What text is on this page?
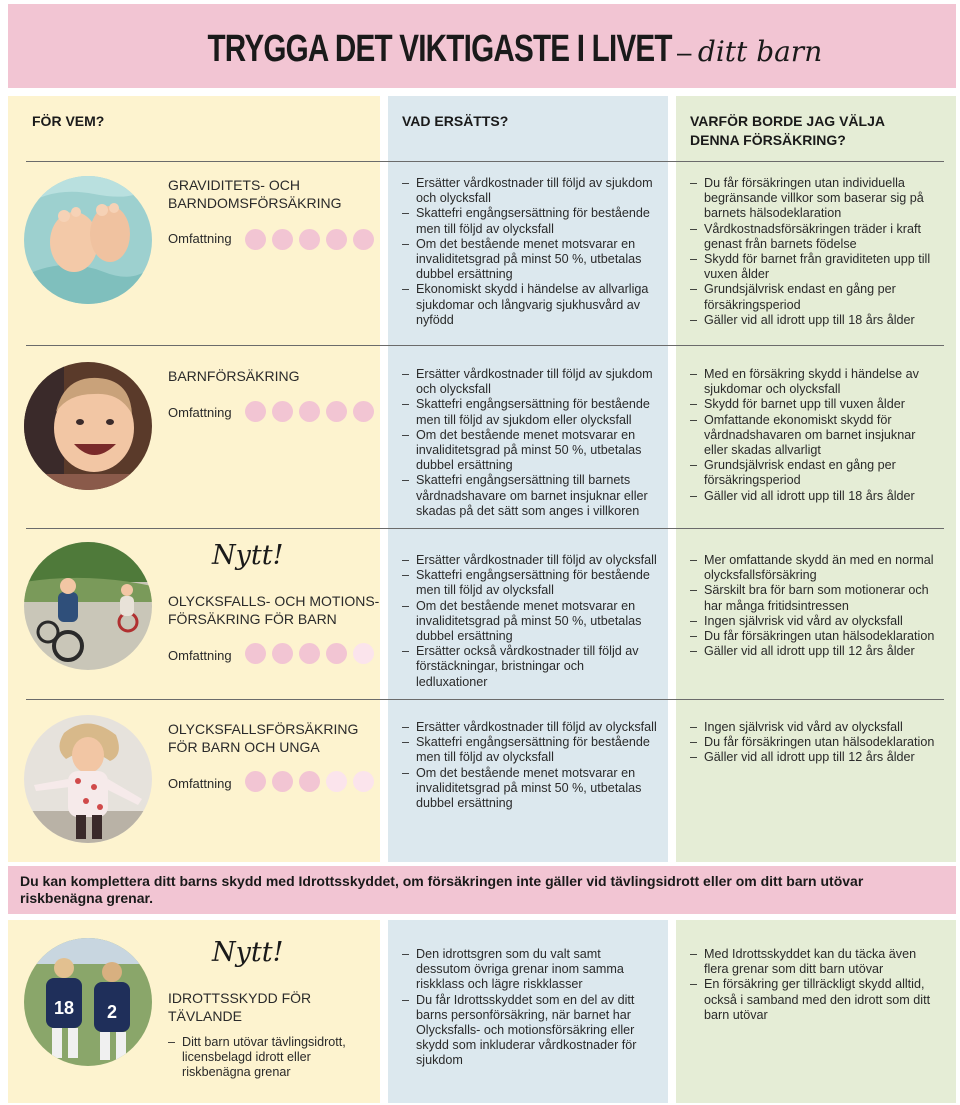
TRYGGA DET VIKTIGASTE I LIVET – ditt barn
FÖR VEM?	VAD ERSÄTTS?	VARFÖR BORDE JAG VÄLJA DENNA FÖRSÄKRING?
GRAVIDITETS- OCH BARNDOMSFÖRSÄKRING
Omfattning
– Ersätter vårdkostnader till följd av sjukdom och olycksfall
– Skattefri engångsersättning för bestående men till följd av olycksfall
– Om det bestående menet motsvarar en invaliditetsgrad på minst 50 %, utbetalas dubbel ersättning
– Ekonomiskt skydd i händelse av allvarliga sjukdomar och långvarig sjukhusvård av nyfödd
– Du får försäkringen utan individuella begränsande villkor som baserar sig på barnets hälsodeklaration
– Vårdkostnadsförsäkringen träder i kraft genast från barnets födelse
– Skydd för barnet från graviditeten upp till vuxen ålder
– Grundsjälvrisk endast en gång per försäkringsperiod
– Gäller vid all idrott upp till 18 års ålder
BARNFÖRSÄKRING
Omfattning
– Ersätter vårdkostnader till följd av sjukdom och olycksfall
– Skattefri engångsersättning för bestående men till följd av sjukdom eller olycksfall
– Om det bestående menet motsvarar en invaliditetsgrad på minst 50 %, utbetalas dubbel ersättning
– Skattefri engångsersättning till barnets vårdnadshavare om barnet insjuknar eller skadas på det sätt som anges i villkoren
– Med en försäkring skydd i händelse av sjukdomar och olycksfall
– Skydd för barnet upp till vuxen ålder
– Omfattande ekonomiskt skydd för vårdnadshavaren om barnet insjuknar eller skadas allvarligt
– Grundsjälvrisk endast en gång per försäkringsperiod
– Gäller vid all idrott upp till 18 års ålder
Nytt!
OLYCKSFALLS- OCH MOTIONS-FÖRSÄKRING FÖR BARN
Omfattning
– Ersätter vårdkostnader till följd av olycksfall
– Skattefri engångsersättning för bestående men till följd av olycksfall
– Om det bestående menet motsvarar en invaliditetsgrad på minst 50 %, utbetalas dubbel ersättning
– Ersätter också vårdkostnader till följd av förstäckningar, bristningar och ledluxationer
– Mer omfattande skydd än med en normal olycksfallsförsäkring
– Särskilt bra för barn som motionerar och har många fritidsintressen
– Ingen självrisk vid vård av olycksfall
– Du får försäkringen utan hälsodeklaration
– Gäller vid all idrott upp till 12 års ålder
OLYCKSFALLSFÖRSÄKRING FÖR BARN OCH UNGA
Omfattning
– Ersätter vårdkostnader till följd av olycksfall
– Skattefri engångsersättning för bestående men till följd av olycksfall
– Om det bestående menet motsvarar en invaliditetsgrad på minst 50 %, utbetalas dubbel ersättning
– Ingen självrisk vid vård av olycksfall
– Du får försäkringen utan hälsodeklaration
– Gäller vid all idrott upp till 12 års ålder
Du kan komplettera ditt barns skydd med Idrottsskyddet, om försäkringen inte gäller vid tävlingsidrott eller om ditt barn utövar riskbenägna grenar.
18 2
Nytt!
IDROTTSSKYDD FÖR TÄVLANDE
– Ditt barn utövar tävlingsidrott, licensbelagd idrott eller riskbenägna grenar
– Den idrottsgren som du valt samt dessutom övriga grenar inom samma riskklass och lägre riskklasser
– Du får Idrottsskyddet som en del av ditt barns personförsäkring, när barnet har Olycksfalls- och motionsförsäkring eller skydd som inkluderar vårdkostnader för sjukdom
– Med Idrottsskyddet kan du täcka även flera grenar som ditt barn utövar
– En försäkring ger tillräckligt skydd alltid, också i samband med den idrott som ditt barn utövar
